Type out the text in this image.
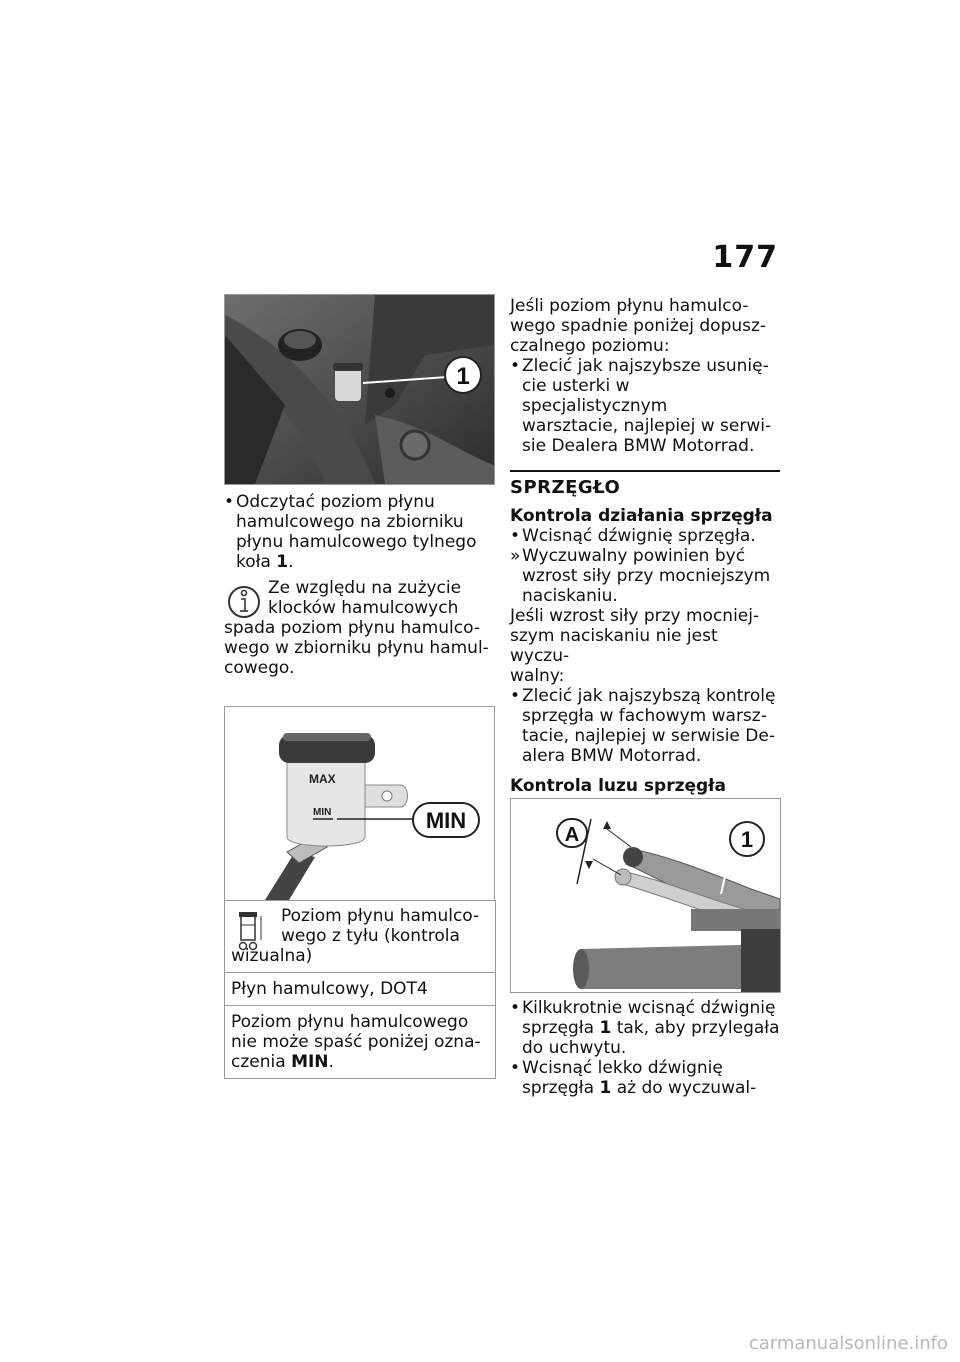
177
1

• Odczytać poziom płynu
hamulcowego na zbiorniku
płynu hamulcowego tylnego
koła 1.

Ze względu na zużycie
klocków hamulcowych

spada poziom płynu hamulco-
wego w zbiorniku płynu hamul-
cowego.

MAX
MIN	MIN

Poziom płynu hamulco-
wego z tyłu (kontrola

wizualna)

Płyn hamulcowy, DOT4
Poziom płynu hamulcowego
nie może spaść poniżej ozna-
czenia MIN.

Jeśli poziom płynu hamulco-
wego spadnie poniżej dopusz-
czalnego poziomu:

• Zlecić jak najszybsze usunię-
cie usterki w specjalistycznym
warsztacie, najlepiej w serwi-
sie Dealera BMW Motorrad.

SPRZĘGŁO

Kontrola działania sprzęgła

• Wcisnąć dźwignię sprzęgła.

» Wyczuwalny powinien być
wzrost siły przy mocniejszym
naciskaniu.

Jeśli wzrost siły przy mocniej-
szym naciskaniu nie jest wyczu-
walny:

• Zlecić jak najszybszą kontrolę
sprzęgła w fachowym warsz-
tacie, najlepiej w serwisie De-
alera BMW Motorrad.

Kontrola luzu sprzęgła

A	1

• Kilkukrotnie wcisnąć dźwignię
sprzęgła 1 tak, aby przylegała
do uchwytu.

• Wcisnąć lekko dźwignię
sprzęgła 1 aż do wyczuwal-

carmanualsonline.info
